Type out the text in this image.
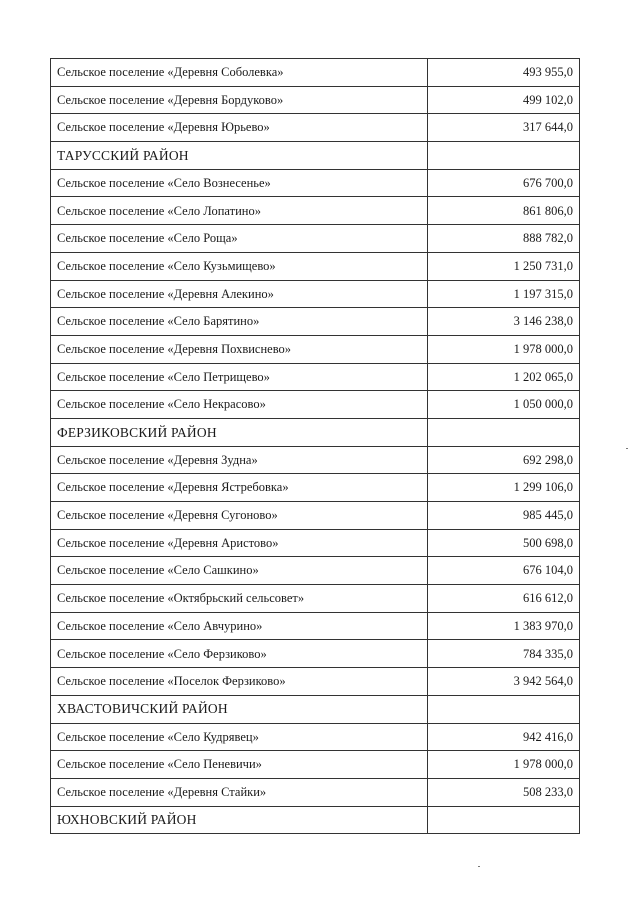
Сельское поселение «Деревня Соболевка»	493 955,0
Сельское поселение «Деревня Бордуково»	499 102,0
Сельское поселение «Деревня Юрьево»	317 644,0
ТАРУССКИЙ РАЙОН	
Сельское поселение «Село Вознесенье»	676 700,0
Сельское поселение «Село Лопатино»	861 806,0
Сельское поселение «Село Роща»	888 782,0
Сельское поселение «Село Кузьмищево»	1 250 731,0
Сельское поселение «Деревня Алекино»	1 197 315,0
Сельское поселение «Село Барятино»	3 146 238,0
Сельское поселение «Деревня Похвиснево»	1 978 000,0
Сельское поселение «Село Петрищево»	1 202 065,0
Сельское поселение «Село Некрасово»	1 050 000,0
ФЕРЗИКОВСКИЙ РАЙОН	
Сельское поселение «Деревня Зудна»	692 298,0
Сельское поселение «Деревня Ястребовка»	1 299 106,0
Сельское поселение «Деревня Сугоново»	985 445,0
Сельское поселение «Деревня Аристово»	500 698,0
Сельское поселение «Село Сашкино»	676 104,0
Сельское поселение «Октябрьский сельсовет»	616 612,0
Сельское поселение «Село Авчурино»	1 383 970,0
Сельское поселение «Село Ферзиково»	784 335,0
Сельское поселение «Поселок Ферзиково»	3 942 564,0
ХВАСТОВИЧСКИЙ РАЙОН	
Сельское поселение «Село Кудрявец»	942 416,0
Сельское поселение «Село Пеневичи»	1 978 000,0
Сельское поселение «Деревня Стайки»	508 233,0
ЮХНОВСКИЙ РАЙОН	
